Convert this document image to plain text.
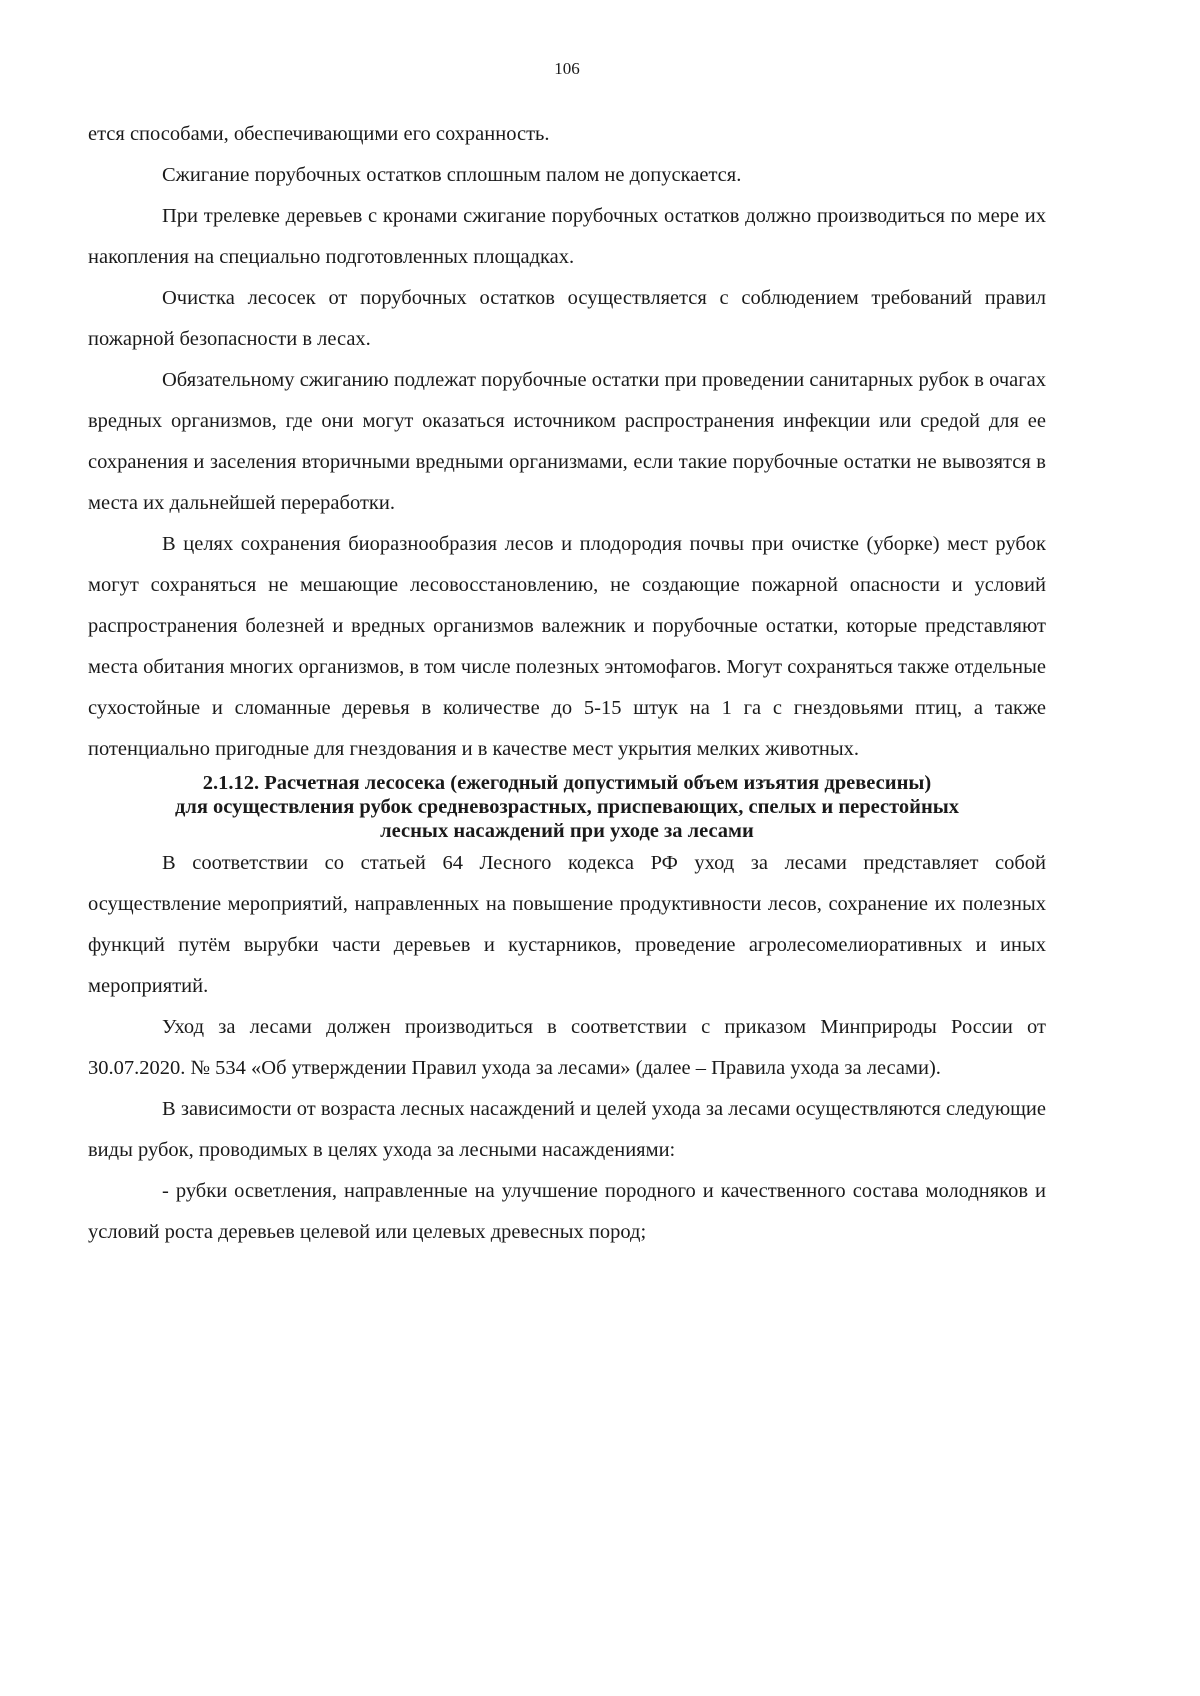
106

ется способами, обеспечивающими его сохранность.

Сжигание порубочных остатков сплошным палом не допускается.

При трелевке деревьев с кронами сжигание порубочных остатков должно производиться по мере их накопления на специально подготовленных площадках.

Очистка лесосек от порубочных остатков осуществляется с соблюдением требований правил пожарной безопасности в лесах.

Обязательному сжиганию подлежат порубочные остатки при проведении санитарных рубок в очагах вредных организмов, где они могут оказаться источником распространения инфекции или средой для ее сохранения и заселения вторичными вредными организмами, если такие порубочные остатки не вывозятся в места их дальнейшей переработки.

В целях сохранения биоразнообразия лесов и плодородия почвы при очистке (уборке) мест рубок могут сохраняться не мешающие лесовосстановлению, не создающие пожарной опасности и условий распространения болезней и вредных организмов валежник и порубочные остатки, которые представляют места обитания многих организмов, в том числе полезных энтомофагов. Могут сохраняться также отдельные сухостойные и сломанные деревья в количестве до 5-15 штук на 1 га с гнездовьями птиц, а также потенциально пригодные для гнездования и в качестве мест укрытия мелких животных.

2.1.12. Расчетная лесосека (ежегодный допустимый объем изъятия древесины)
для осуществления рубок средневозрастных, приспевающих, спелых и перестойных
лесных насаждений при уходе за лесами

В соответствии со статьей 64 Лесного кодекса РФ уход за лесами представляет собой осуществление мероприятий, направленных на повышение продуктивности лесов, сохранение их полезных функций путём вырубки части деревьев и кустарников, проведение агролесомелиоративных и иных мероприятий.

Уход за лесами должен производиться в соответствии с приказом Минприроды России от 30.07.2020. № 534 «Об утверждении Правил ухода за лесами» (далее – Правила ухода за лесами).

В зависимости от возраста лесных насаждений и целей ухода за лесами осуществляются следующие виды рубок, проводимых в целях ухода за лесными насаждениями:

- рубки осветления, направленные на улучшение породного и качественного состава молодняков и условий роста деревьев целевой или целевых древесных пород;
